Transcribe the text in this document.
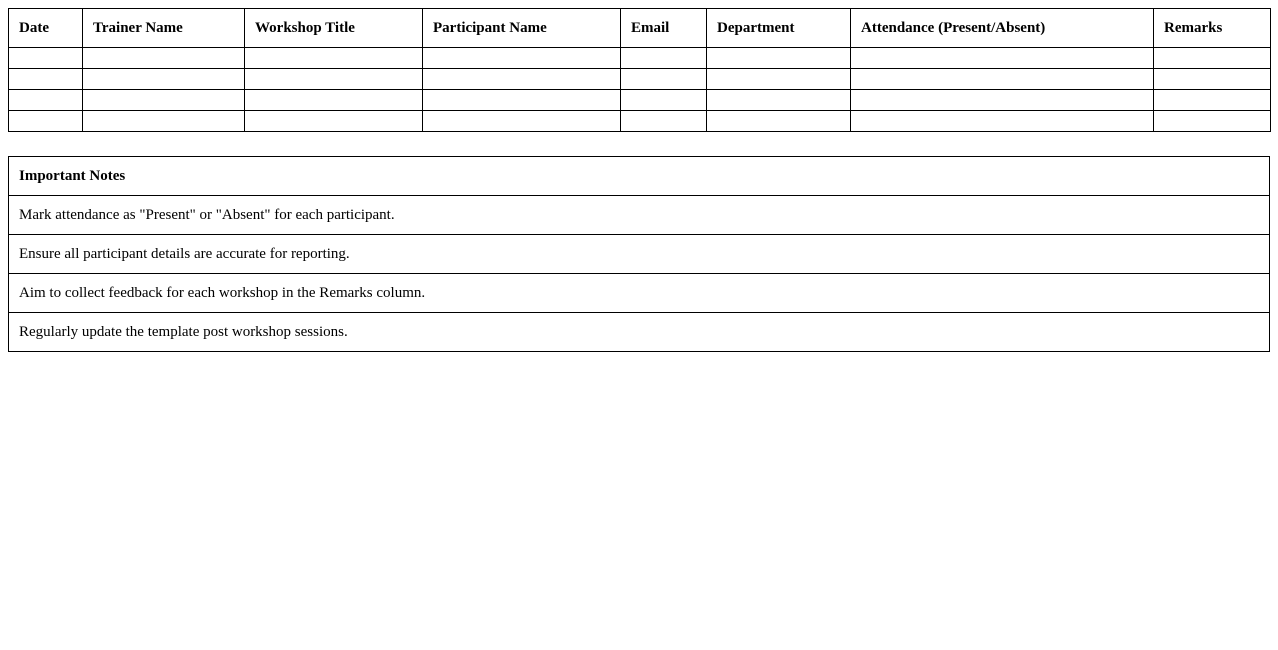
Date	Trainer Name	Workshop Title	Participant Name	Email	Department	Attendance (Present/Absent)	Remarks

Important Notes
Mark attendance as "Present" or "Absent" for each participant.
Ensure all participant details are accurate for reporting.
Aim to collect feedback for each workshop in the Remarks column.
Regularly update the template post workshop sessions.
